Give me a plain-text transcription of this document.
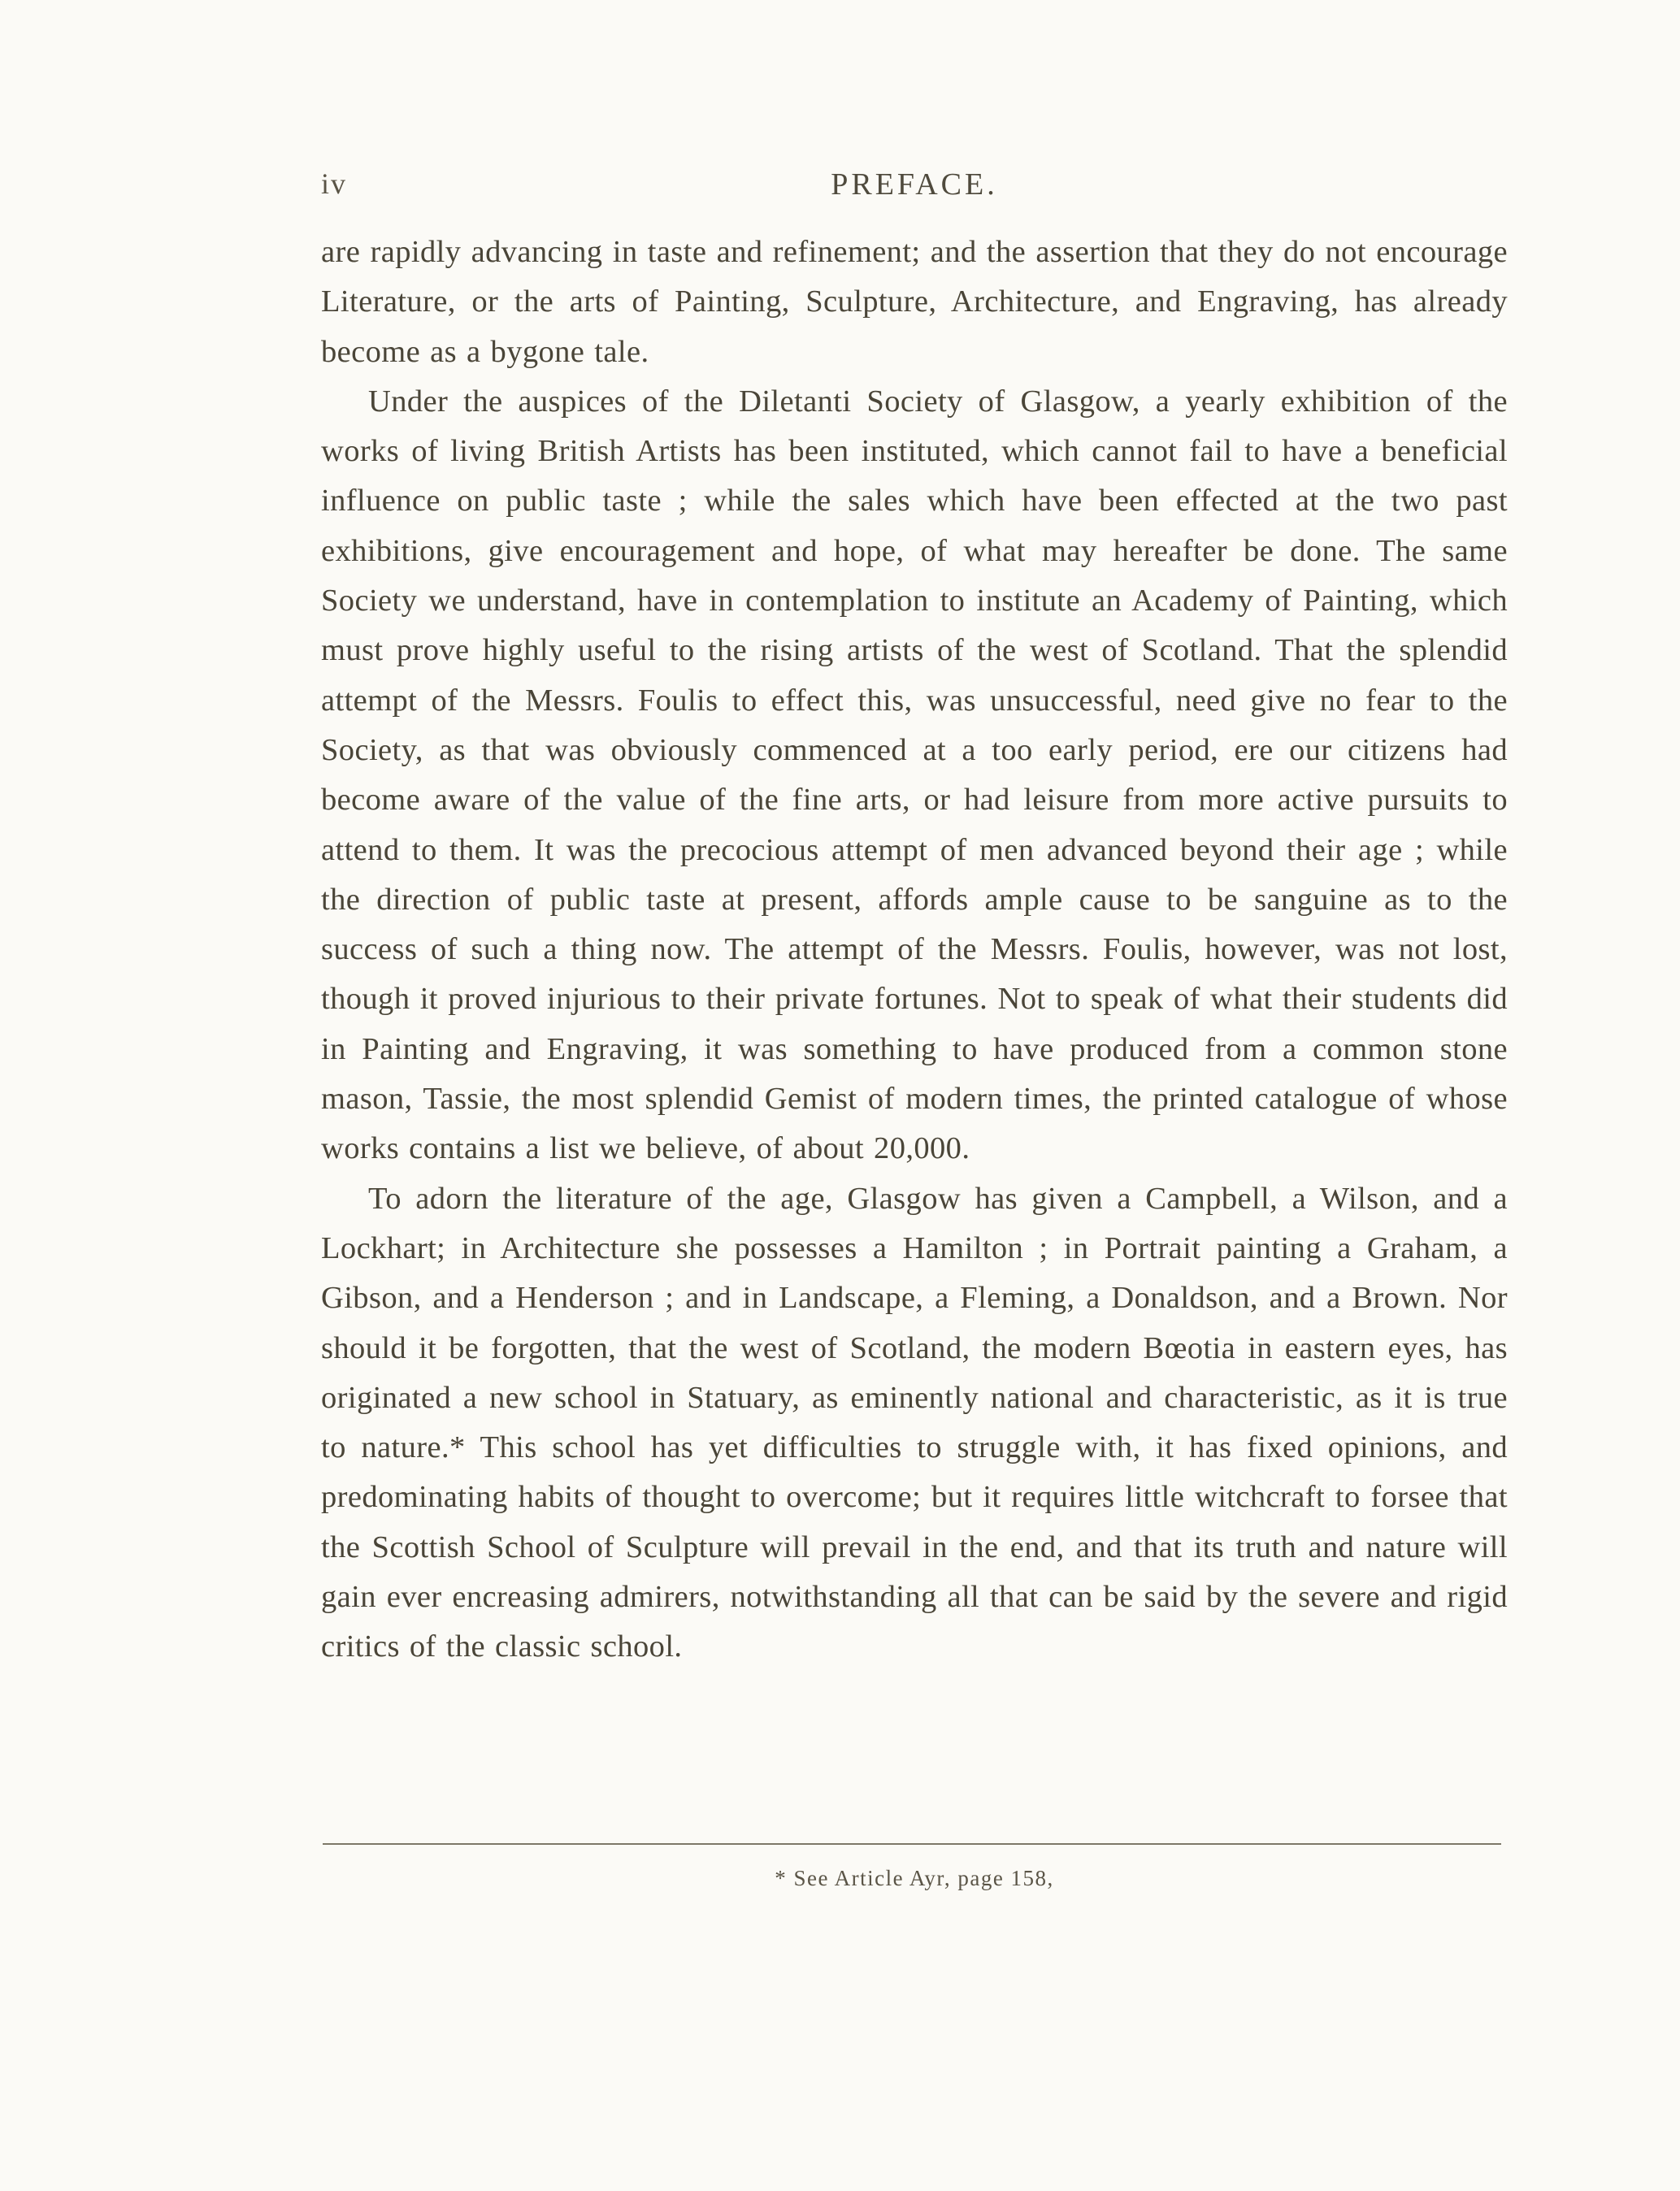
iv	PREFACE.

are rapidly advancing in taste and refinement; and the assertion that they do not encourage Literature, or the arts of Painting, Sculpture, Architecture, and Engraving, has already become as a bygone tale.

Under the auspices of the Diletanti Society of Glasgow, a yearly exhibition of the works of living British Artists has been instituted, which cannot fail to have a beneficial influence on public taste ; while the sales which have been effected at the two past exhibitions, give encouragement and hope, of what may hereafter be done. The same Society we understand, have in contemplation to institute an Academy of Painting, which must prove highly useful to the rising artists of the west of Scotland. That the splendid attempt of the Messrs. Foulis to effect this, was unsuccessful, need give no fear to the Society, as that was obviously commenced at a too early period, ere our citizens had become aware of the value of the fine arts, or had leisure from more active pursuits to attend to them. It was the precocious attempt of men advanced beyond their age ; while the direction of public taste at present, affords ample cause to be sanguine as to the success of such a thing now. The attempt of the Messrs. Foulis, however, was not lost, though it proved injurious to their private fortunes. Not to speak of what their students did in Painting and Engraving, it was something to have produced from a common stone mason, Tassie, the most splendid Gemist of modern times, the printed catalogue of whose works contains a list we believe, of about 20,000.

To adorn the literature of the age, Glasgow has given a Campbell, a Wilson, and a Lockhart; in Architecture she possesses a Hamilton ; in Portrait painting a Graham, a Gibson, and a Henderson ; and in Landscape, a Fleming, a Donaldson, and a Brown. Nor should it be forgotten, that the west of Scotland, the modern Bœotia in eastern eyes, has originated a new school in Statuary, as eminently national and characteristic, as it is true to nature.* This school has yet difficulties to struggle with, it has fixed opinions, and predominating habits of thought to overcome; but it requires little witchcraft to forsee that the Scottish School of Sculpture will prevail in the end, and that its truth and nature will gain ever encreasing admirers, notwithstanding all that can be said by the severe and rigid critics of the classic school.

* See Article Ayr, page 158,
